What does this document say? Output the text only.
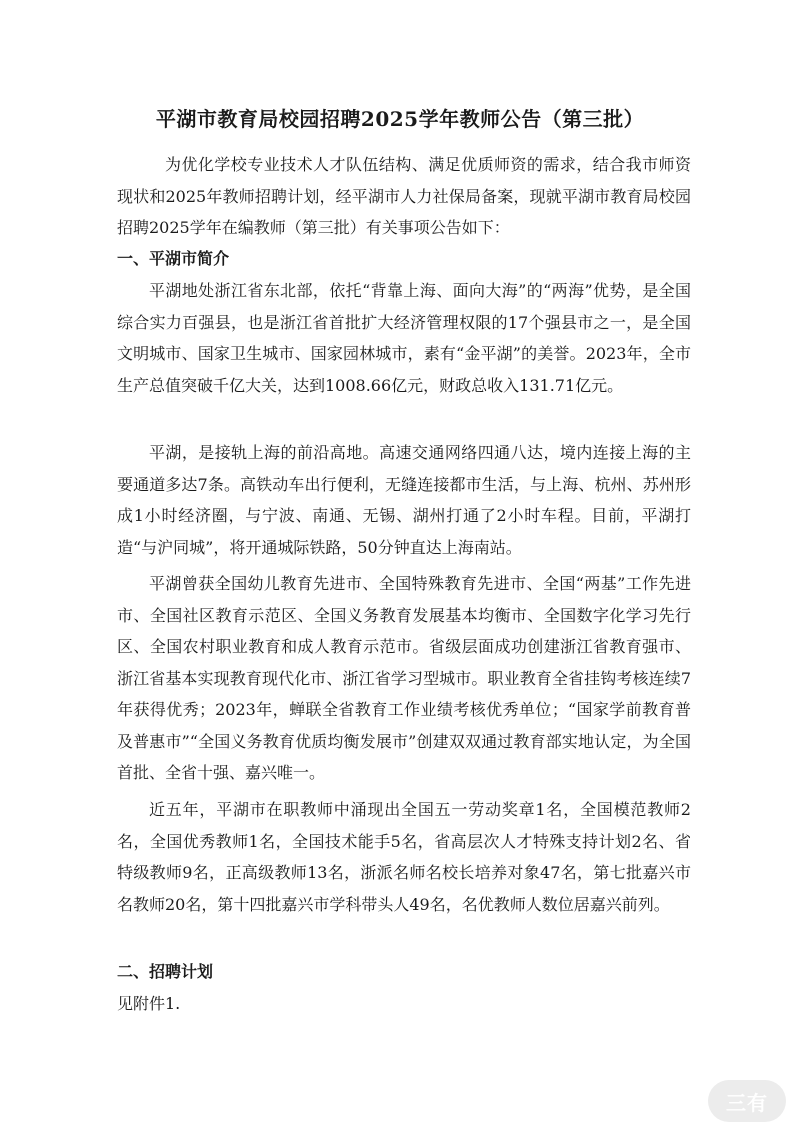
平湖市教育局校园招聘2025学年教师公告（第三批）

为优化学校专业技术人才队伍结构、满足优质师资的需求，结合我市师资现状和2025年教师招聘计划，经平湖市人力社保局备案，现就平湖市教育局校园招聘2025学年在编教师（第三批）有关事项公告如下：

一、平湖市简介

平湖地处浙江省东北部，依托“背靠上海、面向大海”的“两海”优势，是全国综合实力百强县，也是浙江省首批扩大经济管理权限的17个强县市之一，是全国文明城市、国家卫生城市、国家园林城市，素有“金平湖”的美誉。2023年，全市生产总值突破千亿大关，达到1008.66亿元，财政总收入131.71亿元。

平湖，是接轨上海的前沿高地。高速交通网络四通八达，境内连接上海的主要通道多达7条。高铁动车出行便利，无缝连接都市生活，与上海、杭州、苏州形成1小时经济圈，与宁波、南通、无锡、湖州打通了2小时车程。目前，平湖打造“与沪同城”，将开通城际铁路，50分钟直达上海南站。

平湖曾获全国幼儿教育先进市、全国特殊教育先进市、全国“两基”工作先进市、全国社区教育示范区、全国义务教育发展基本均衡市、全国数字化学习先行区、全国农村职业教育和成人教育示范市。省级层面成功创建浙江省教育强市、浙江省基本实现教育现代化市、浙江省学习型城市。职业教育全省挂钩考核连续7年获得优秀；2023年，蝉联全省教育工作业绩考核优秀单位；“国家学前教育普及普惠市”“全国义务教育优质均衡发展市”创建双双通过教育部实地认定，为全国首批、全省十强、嘉兴唯一。

近五年，平湖市在职教师中涌现出全国五一劳动奖章1名，全国模范教师2名，全国优秀教师1名，全国技术能手5名，省高层次人才特殊支持计划2名、省特级教师9名，正高级教师13名，浙派名师名校长培养对象47名，第七批嘉兴市名教师20名，第十四批嘉兴市学科带头人49名，名优教师人数位居嘉兴前列。

二、招聘计划

见附件1.

三有
